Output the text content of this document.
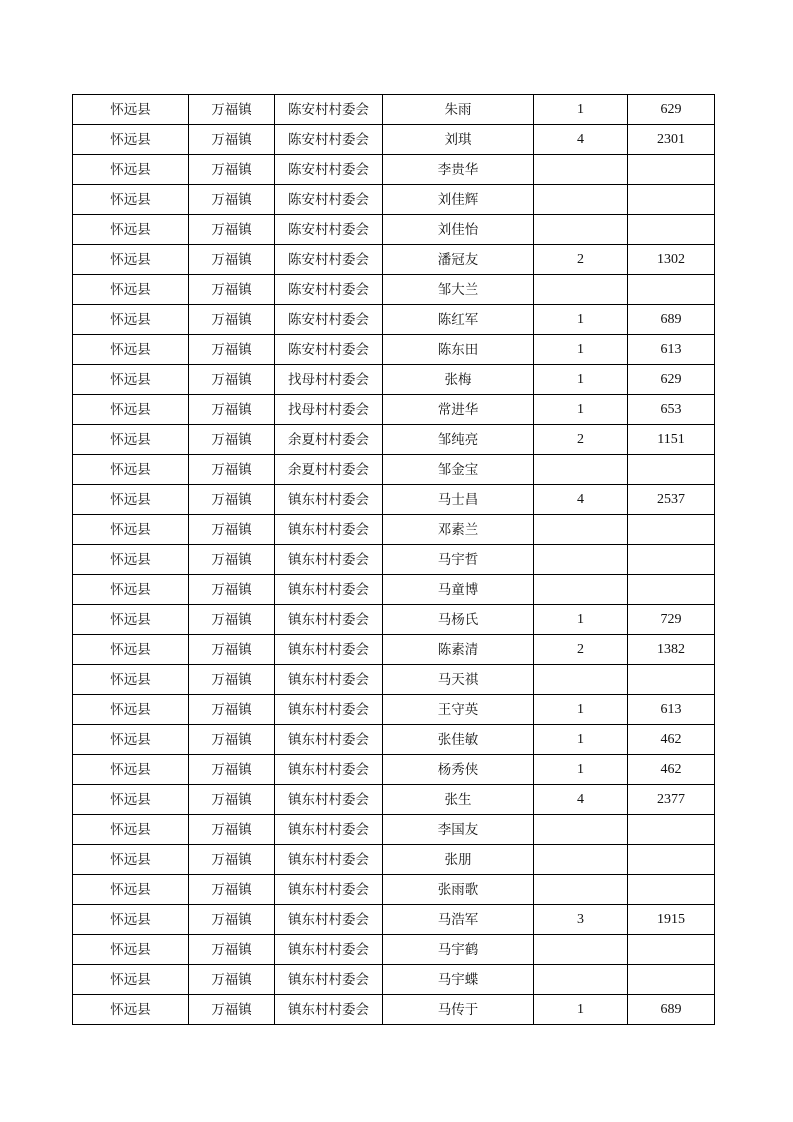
怀远县	万福镇	陈安村村委会	朱雨	1	629
怀远县	万福镇	陈安村村委会	刘琪	4	2301
怀远县	万福镇	陈安村村委会	李贵华		
怀远县	万福镇	陈安村村委会	刘佳辉		
怀远县	万福镇	陈安村村委会	刘佳怡		
怀远县	万福镇	陈安村村委会	潘冠友	2	1302
怀远县	万福镇	陈安村村委会	邹大兰		
怀远县	万福镇	陈安村村委会	陈红军	1	689
怀远县	万福镇	陈安村村委会	陈东田	1	613
怀远县	万福镇	找母村村委会	张梅	1	629
怀远县	万福镇	找母村村委会	常进华	1	653
怀远县	万福镇	余夏村村委会	邹纯亮	2	1151
怀远县	万福镇	余夏村村委会	邹金宝		
怀远县	万福镇	镇东村村委会	马士昌	4	2537
怀远县	万福镇	镇东村村委会	邓素兰		
怀远县	万福镇	镇东村村委会	马宇哲		
怀远县	万福镇	镇东村村委会	马童博		
怀远县	万福镇	镇东村村委会	马杨氏	1	729
怀远县	万福镇	镇东村村委会	陈素清	2	1382
怀远县	万福镇	镇东村村委会	马天祺		
怀远县	万福镇	镇东村村委会	王守英	1	613
怀远县	万福镇	镇东村村委会	张佳敏	1	462
怀远县	万福镇	镇东村村委会	杨秀侠	1	462
怀远县	万福镇	镇东村村委会	张生	4	2377
怀远县	万福镇	镇东村村委会	李国友		
怀远县	万福镇	镇东村村委会	张朋		
怀远县	万福镇	镇东村村委会	张雨歌		
怀远县	万福镇	镇东村村委会	马浩军	3	1915
怀远县	万福镇	镇东村村委会	马宇鹤		
怀远县	万福镇	镇东村村委会	马宇蝶		
怀远县	万福镇	镇东村村委会	马传于	1	689
